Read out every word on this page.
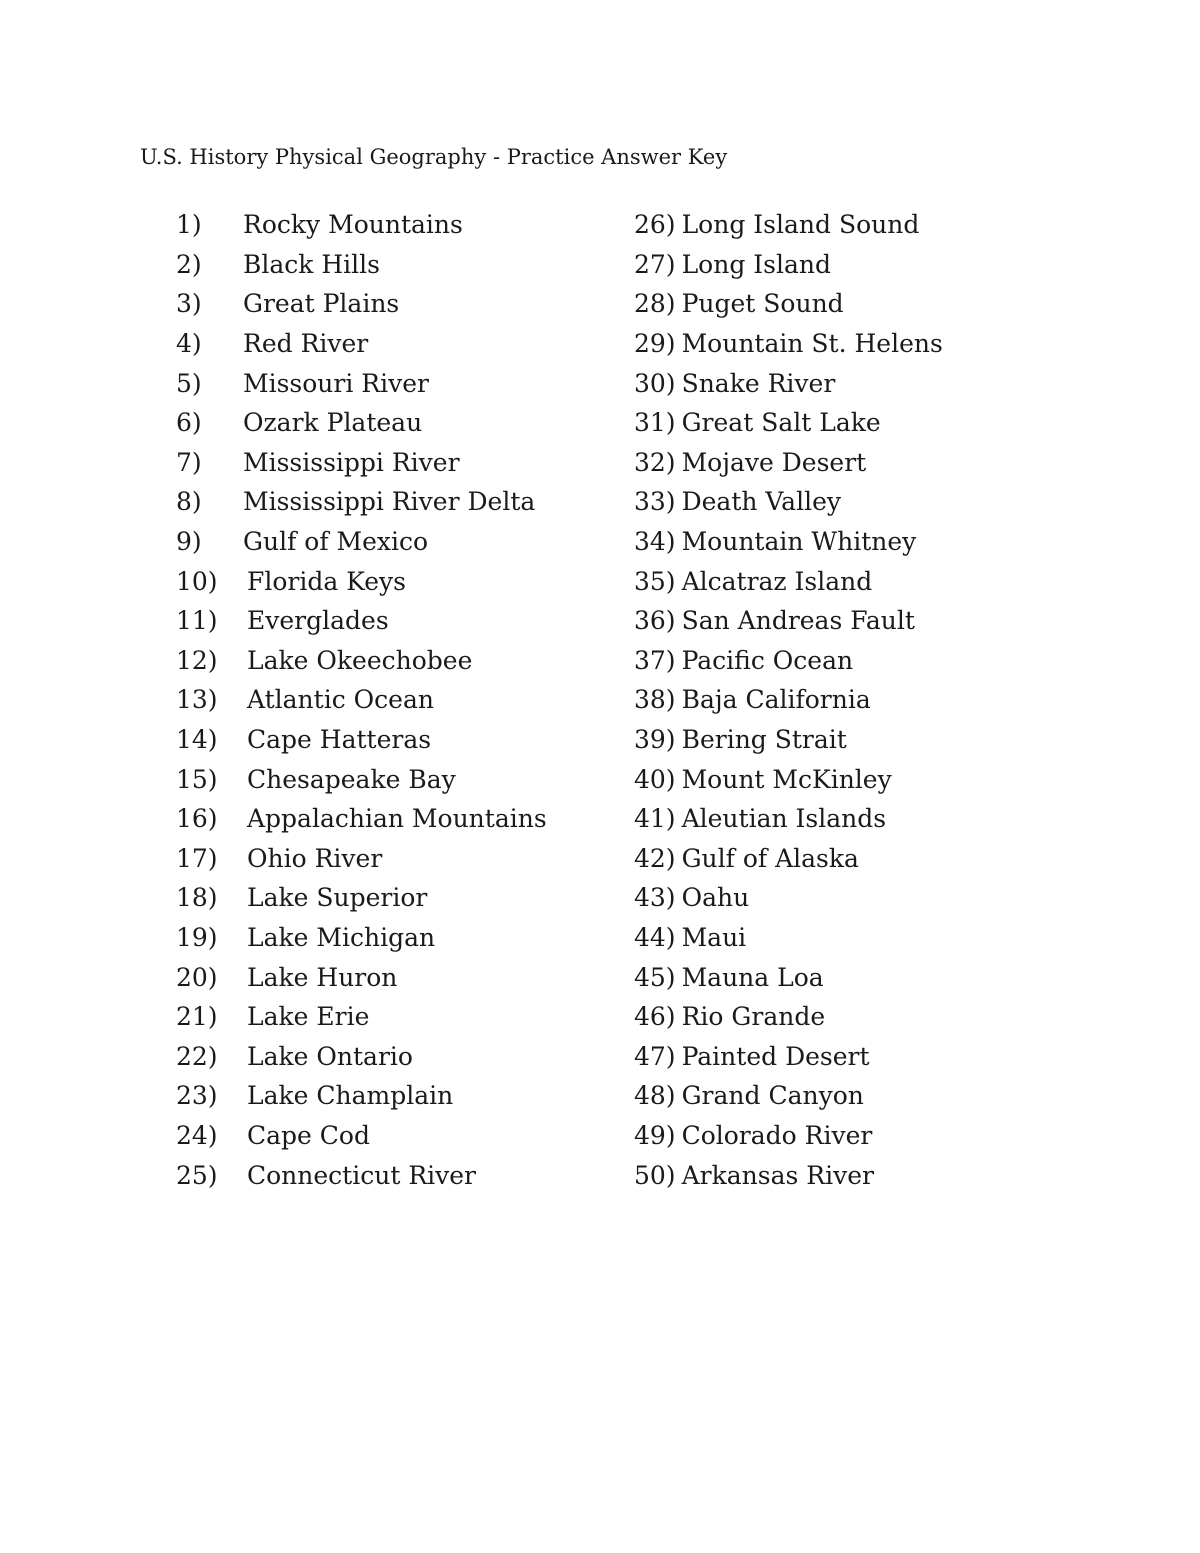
U.S. History Physical Geography - Practice Answer Key
1)	Rocky Mountains
2)	Black Hills
3)	Great Plains
4)	Red River
5)	Missouri River
6)	Ozark Plateau
7)	Mississippi River
8)	Mississippi River Delta
9)	Gulf of Mexico
10)	Florida Keys
11)	Everglades
12)	Lake Okeechobee
13)	Atlantic Ocean
14)	Cape Hatteras
15)	Chesapeake Bay
16)	Appalachian Mountains
17)	Ohio River
18)	Lake Superior
19)	Lake Michigan
20)	Lake Huron
21)	Lake Erie
22)	Lake Ontario
23)	Lake Champlain
24)	Cape Cod
25)	Connecticut River
26) Long Island Sound
27) Long Island
28) Puget Sound
29) Mountain St. Helens
30) Snake River
31) Great Salt Lake
32) Mojave Desert
33) Death Valley
34) Mountain Whitney
35) Alcatraz Island
36) San Andreas Fault
37) Pacific Ocean
38) Baja California
39) Bering Strait
40) Mount McKinley
41) Aleutian Islands
42) Gulf of Alaska
43) Oahu
44) Maui
45) Mauna Loa
46) Rio Grande
47) Painted Desert
48) Grand Canyon
49) Colorado River
50) Arkansas River
